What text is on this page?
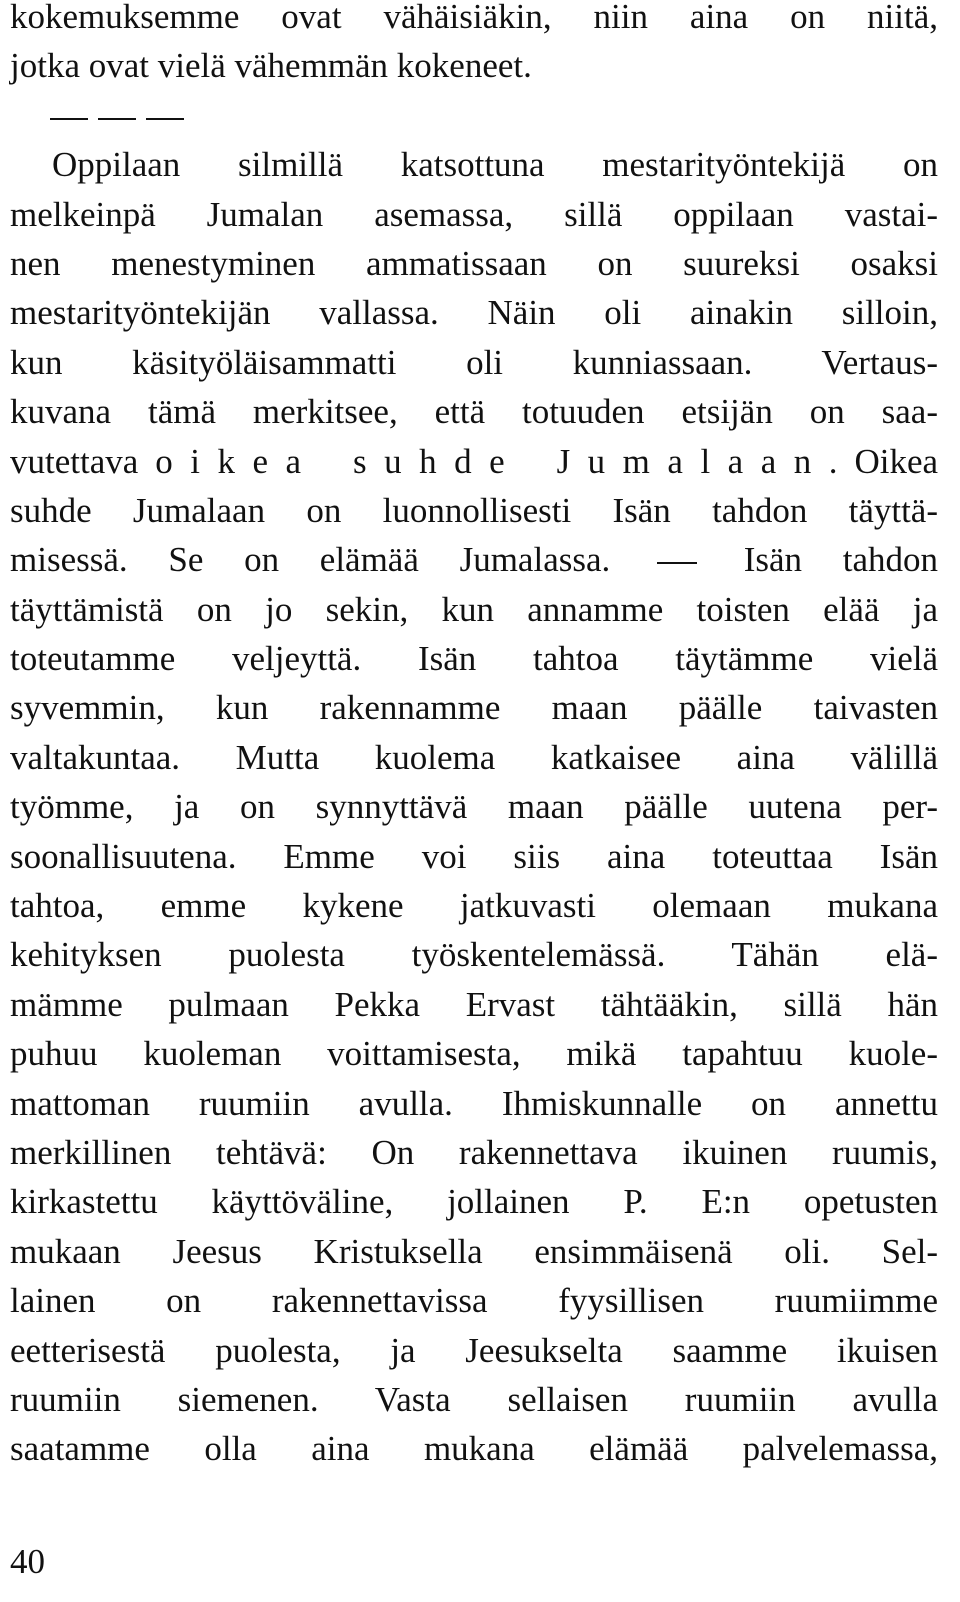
kokemuksemme ovat vähäisiäkin, niin aina on niitä,
jotka ovat vielä vähemmän kokeneet.
Oppilaan silmillä katsottuna mestarityöntekijä on
melkeinpä Jumalan asemassa, sillä oppilaan vastai-
nen menestyminen ammatissaan on suureksi osaksi
mestarityöntekijän vallassa. Näin oli ainakin silloin,
kun käsityöläisammatti oli kunniassaan. Vertaus-
kuvana tämä merkitsee, että totuuden etsijän on saa-
vutettava oikea suhde Jumalaan. Oikea
suhde Jumalaan on luonnollisesti Isän tahdon täyttä-
misessä. Se on elämää Jumalassa.	Isän tahdon
täyttämistä on jo sekin, kun annamme toisten elää ja
toteutamme veljeyttä. Isän tahtoa täytämme vielä
syvemmin, kun rakennamme maan päälle taivasten
valtakuntaa. Mutta kuolema katkaisee aina välillä
työmme, ja on synnyttävä maan päälle uutena per-
soonallisuutena. Emme voi siis aina toteuttaa Isän
tahtoa, emme kykene jatkuvasti olemaan mukana
kehityksen puolesta työskentelemässä. Tähän elä-
mämme pulmaan Pekka Ervast tähtääkin, sillä hän
puhuu kuoleman voittamisesta, mikä tapahtuu kuole-
mattoman ruumiin avulla. Ihmiskunnalle on annettu
merkillinen tehtävä: On rakennettava ikuinen ruumis,
kirkastettu käyttöväline, jollainen P. E:n opetusten
mukaan Jeesus Kristuksella ensimmäisenä oli. Sel-
lainen on rakennettavissa fyysillisen ruumiimme
eetterisestä puolesta, ja Jeesukselta saamme ikuisen
ruumiin siemenen. Vasta sellaisen ruumiin avulla
saatamme olla aina mukana elämää palvelemassa,
40
